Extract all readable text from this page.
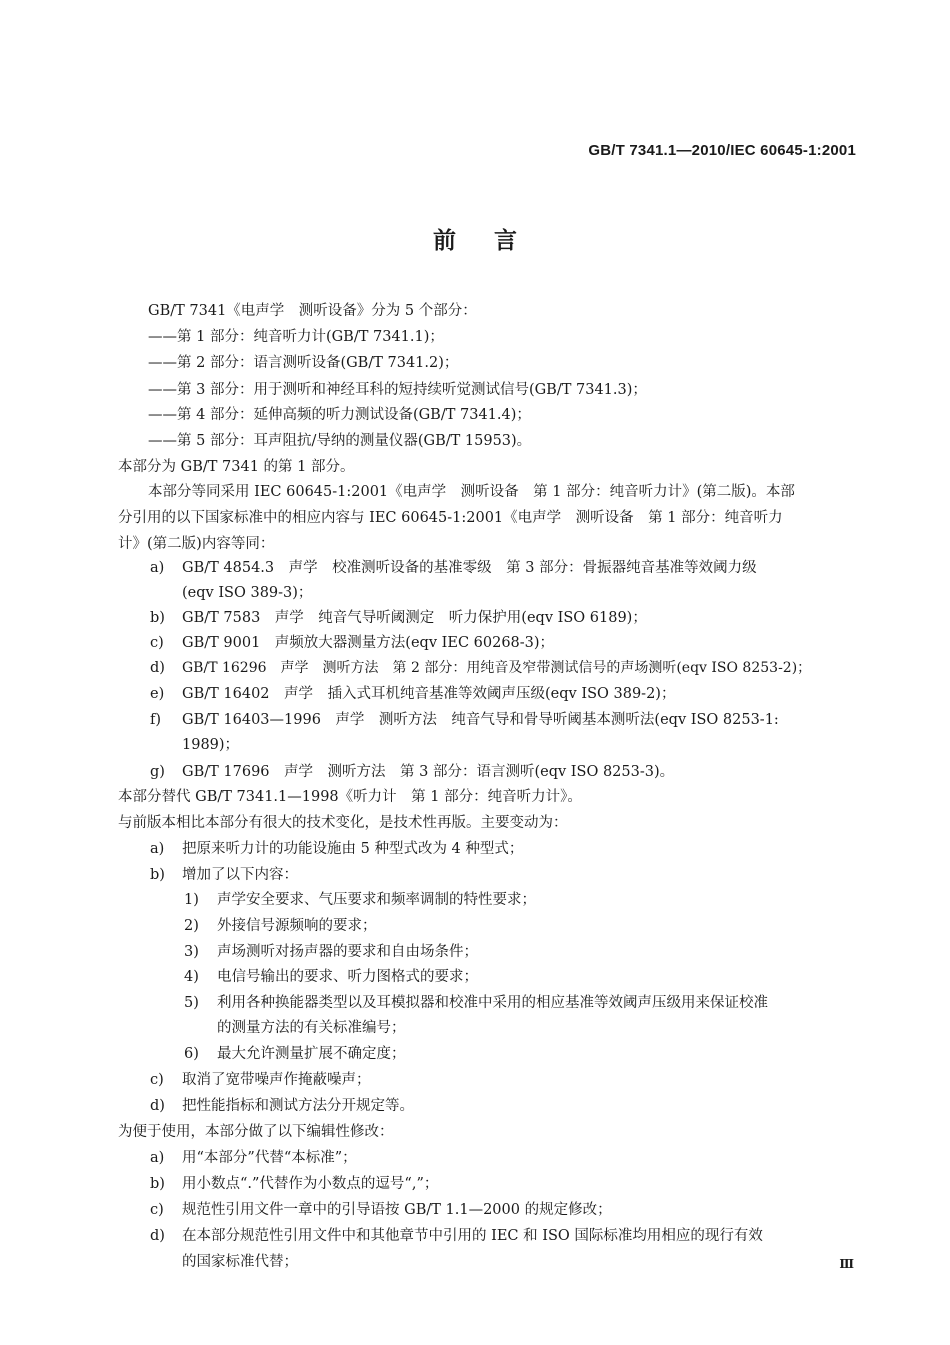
GB/T 7341.1—2010/IEC 60645-1:2001
前言
GB/T 7341《电声学　测听设备》分为 5 个部分：
——第 1 部分：纯音听力计(GB/T 7341.1)；
——第 2 部分：语言测听设备(GB/T 7341.2)；
——第 3 部分：用于测听和神经耳科的短持续听觉测试信号(GB/T 7341.3)；
——第 4 部分：延伸高频的听力测试设备(GB/T 7341.4)；
——第 5 部分：耳声阻抗/导纳的测量仪器(GB/T 15953)。
本部分为 GB/T 7341 的第 1 部分。
本部分等同采用 IEC 60645-1:2001《电声学　测听设备　第 1 部分：纯音听力计》(第二版)。本部
分引用的以下国家标准中的相应内容与 IEC 60645-1:2001《电声学　测听设备　第 1 部分：纯音听力
计》(第二版)内容等同：
a) GB/T 4854.3　声学　校准测听设备的基准零级　第 3 部分：骨振器纯音基准等效阈力级
(eqv ISO 389-3)；
b) GB/T 7583　声学　纯音气导听阈测定　听力保护用(eqv ISO 6189)；
c) GB/T 9001　声频放大器测量方法(eqv IEC 60268-3)；
d) GB/T 16296　声学　测听方法　第 2 部分：用纯音及窄带测试信号的声场测听(eqv ISO 8253-2)；
e) GB/T 16402　声学　插入式耳机纯音基准等效阈声压级(eqv ISO 389-2)；
f) GB/T 16403—1996　声学　测听方法　纯音气导和骨导听阈基本测听法(eqv ISO 8253-1:
1989)；
g) GB/T 17696　声学　测听方法　第 3 部分：语言测听(eqv ISO 8253-3)。
本部分替代 GB/T 7341.1—1998《听力计　第 1 部分：纯音听力计》。
与前版本相比本部分有很大的技术变化，是技术性再版。主要变动为：
a) 把原来听力计的功能设施由 5 种型式改为 4 种型式；
b) 增加了以下内容：
1) 声学安全要求、气压要求和频率调制的特性要求；
2) 外接信号源频响的要求；
3) 声场测听对扬声器的要求和自由场条件；
4) 电信号输出的要求、听力图格式的要求；
5) 利用各种换能器类型以及耳模拟器和校准中采用的相应基准等效阈声压级用来保证校准
的测量方法的有关标准编号；
6) 最大允许测量扩展不确定度；
c) 取消了宽带噪声作掩蔽噪声；
d) 把性能指标和测试方法分开规定等。
为便于使用，本部分做了以下编辑性修改：
a) 用“本部分”代替“本标准”；
b) 用小数点“.”代替作为小数点的逗号“,”；
c) 规范性引用文件一章中的引导语按 GB/T 1.1—2000 的规定修改；
d) 在本部分规范性引用文件中和其他章节中引用的 IEC 和 ISO 国际标准均用相应的现行有效
的国家标准代替；	Ⅲ
